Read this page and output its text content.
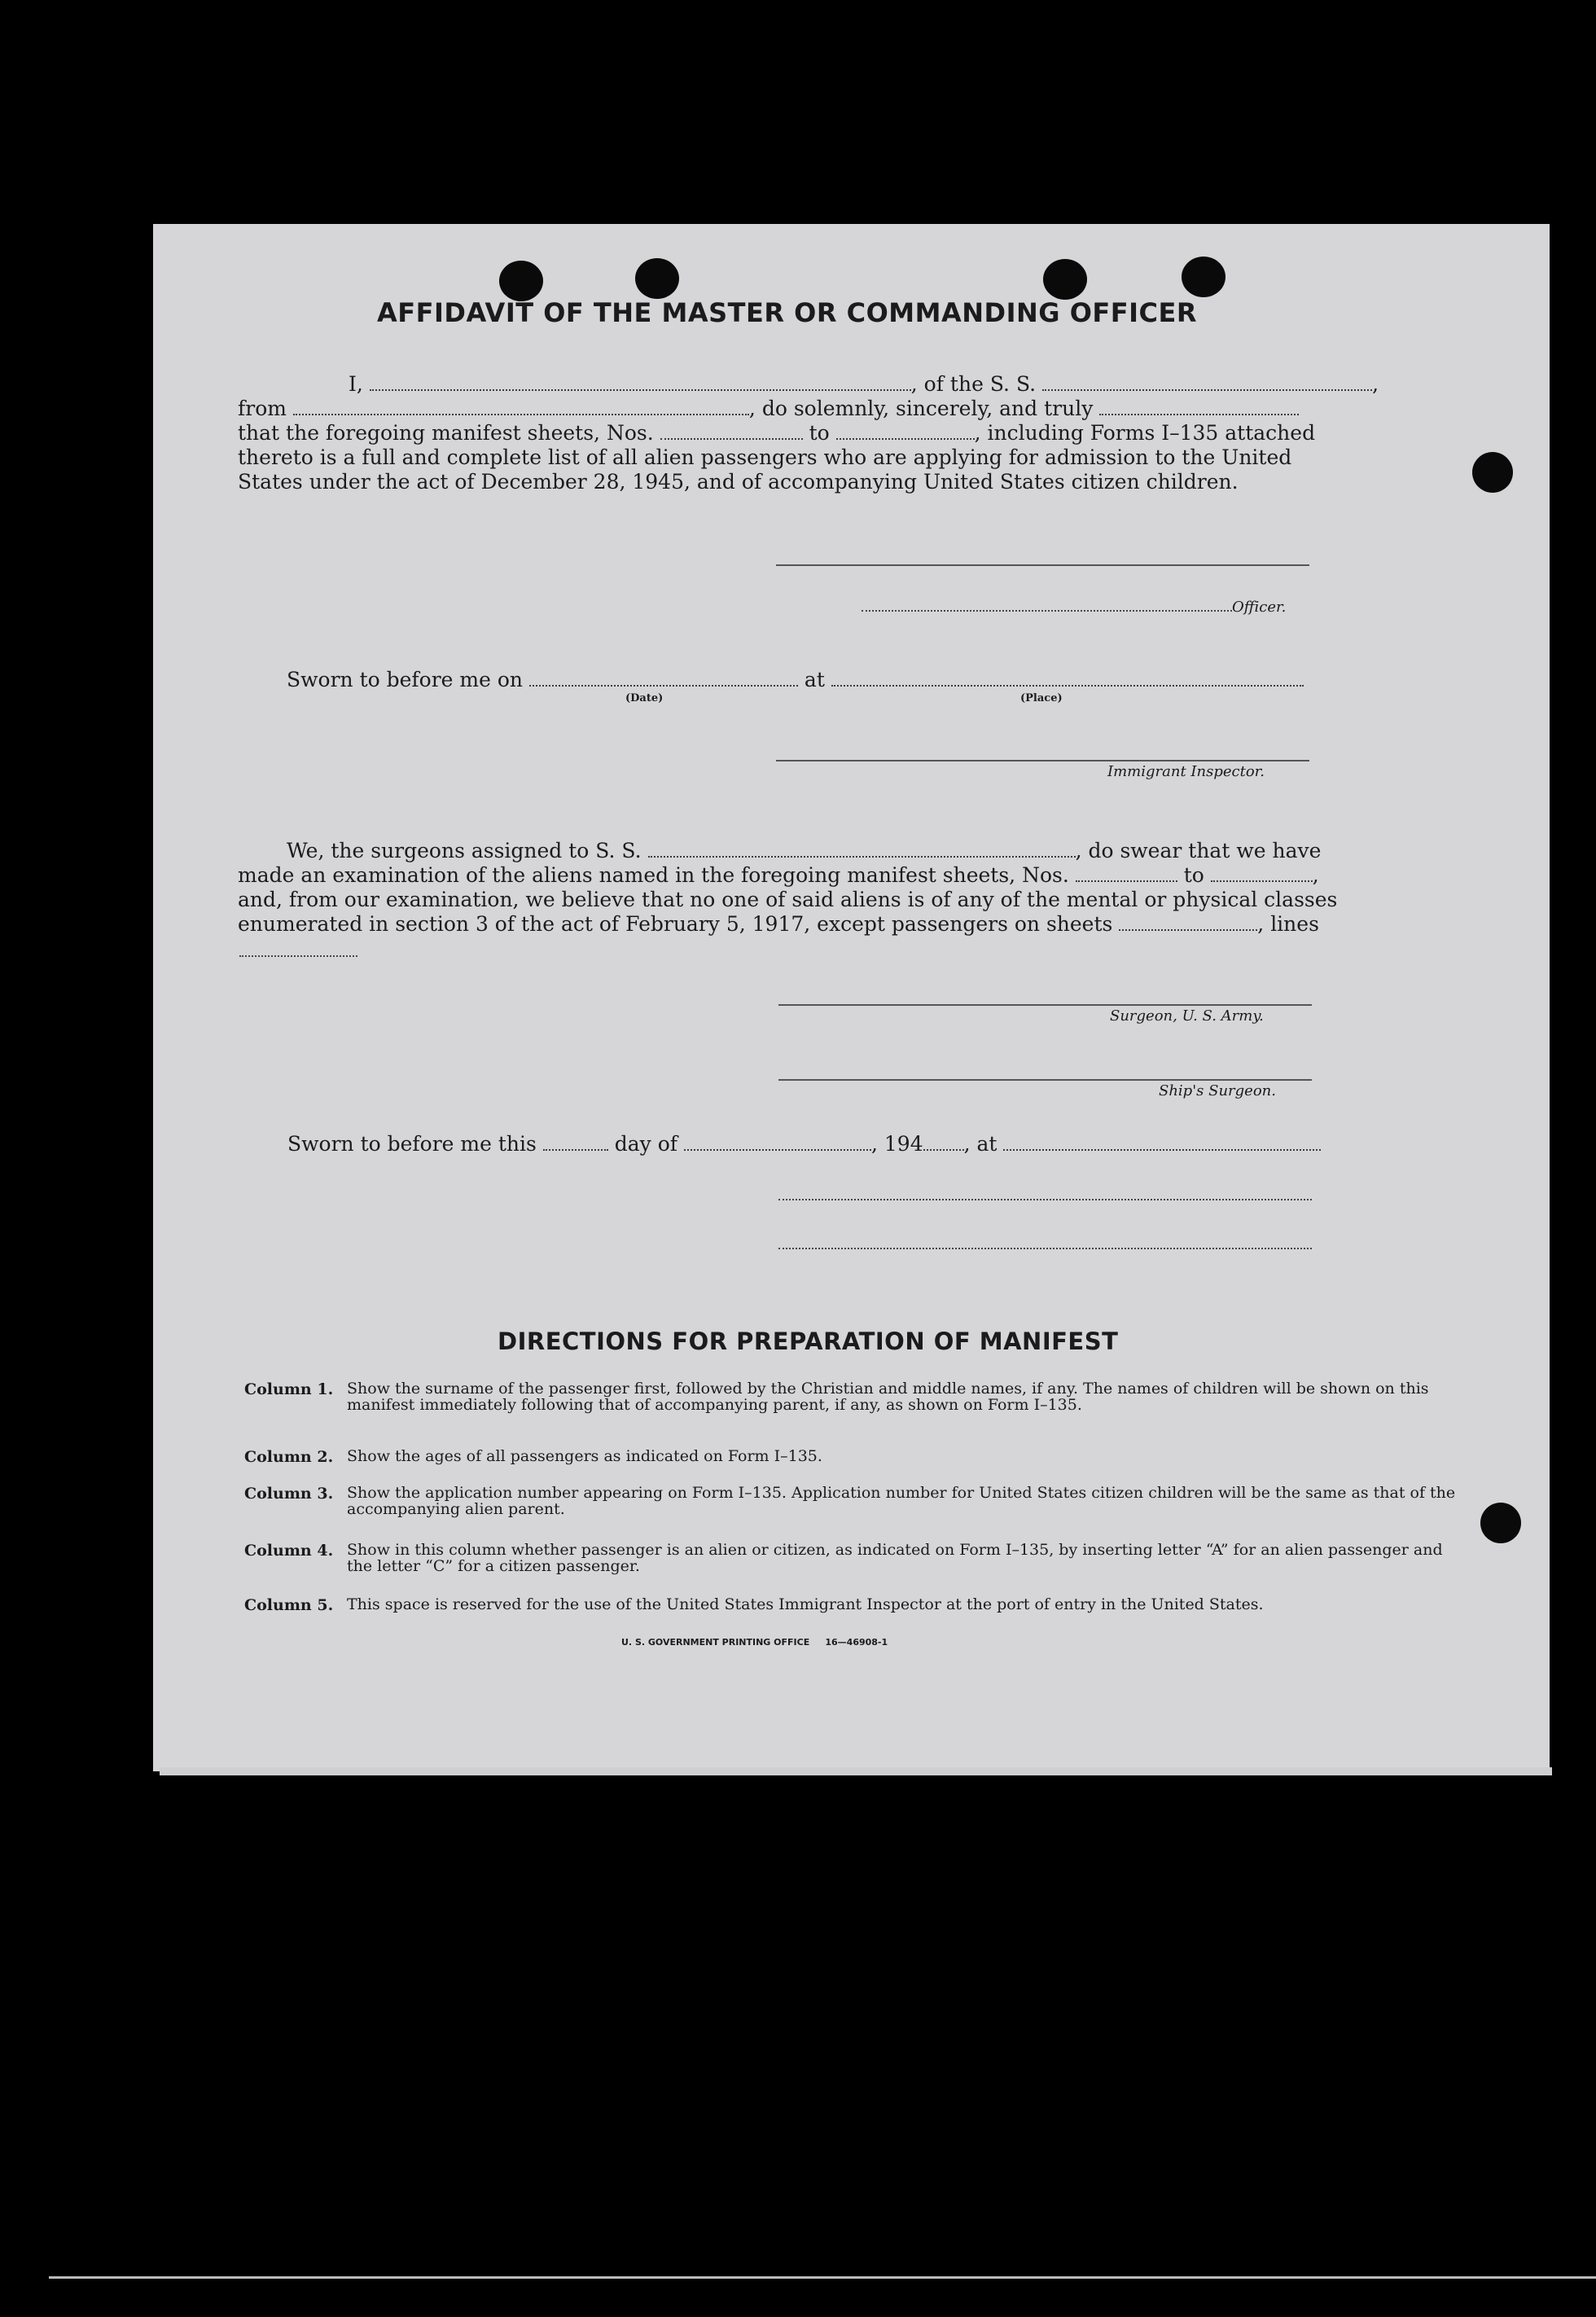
AFFIDAVIT OF THE MASTER OR COMMANDING OFFICER
I,	, of the S. S.	,
from	, do solemnly, sincerely, and truly
that the foregoing manifest sheets, Nos.	to	, including Forms I–135 attached
thereto is a full and complete list of all alien passengers who are applying for admission to the United
States under the act of December 28, 1945, and of accompanying United States citizen children.
Officer.
Sworn to before me on	at
(Date)	(Place)
Immigrant Inspector.
We, the surgeons assigned to S. S.	, do swear that we have
made an examination of the aliens named in the foregoing manifest sheets, Nos.	to	,
and, from our examination, we believe that no one of said aliens is of any of the mental or physical classes
enumerated in section 3 of the act of February 5, 1917, except passengers on sheets	, lines
Surgeon, U. S. Army.
Ship's Surgeon.
Sworn to before me this	day of	, 194 , at
DIRECTIONS FOR PREPARATION OF MANIFEST
Column 1. Show the surname of the passenger first, followed by the Christian and middle names, if any. The names of children will be shown on this manifest immediately following that of accompanying parent, if any, as shown on Form I–135.
Column 2. Show the ages of all passengers as indicated on Form I–135.
Column 3. Show the application number appearing on Form I–135. Application number for United States citizen children will be the same as that of the accompanying alien parent.
Column 4. Show in this column whether passenger is an alien or citizen, as indicated on Form I–135, by inserting letter “A” for an alien passenger and the letter “C” for a citizen passenger.
Column 5. This space is reserved for the use of the United States Immigrant Inspector at the port of entry in the United States.
U. S. GOVERNMENT PRINTING OFFICE     16—46908-1
